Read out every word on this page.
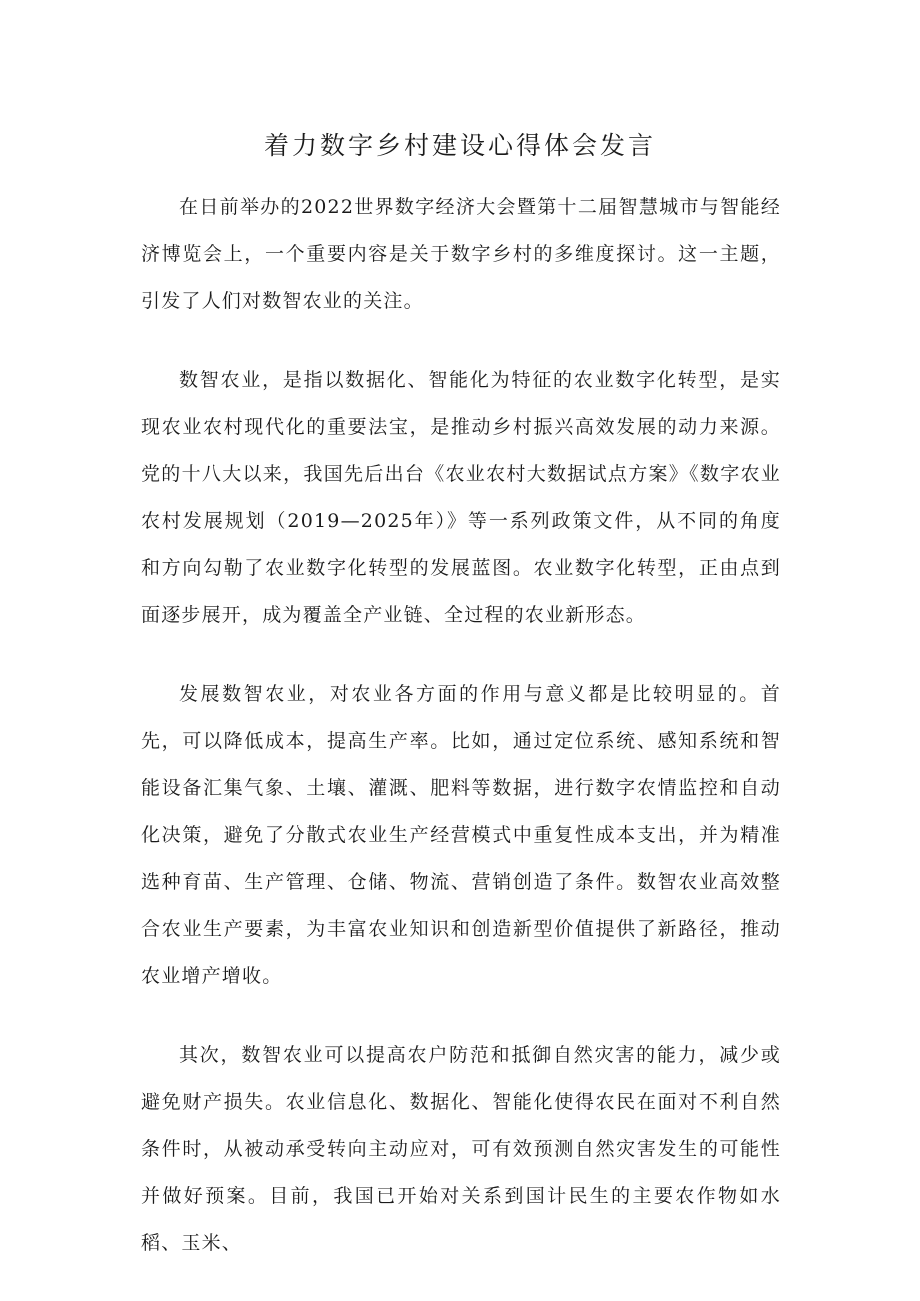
着力数字乡村建设心得体会发言

在日前举办的2022世界数字经济大会暨第十二届智慧城市与智能经济博览会上，一个重要内容是关于数字乡村的多维度探讨。这一主题，引发了人们对数智农业的关注。

数智农业，是指以数据化、智能化为特征的农业数字化转型，是实现农业农村现代化的重要法宝，是推动乡村振兴高效发展的动力来源。党的十八大以来，我国先后出台《农业农村大数据试点方案》《数字农业农村发展规划（2019—2025年）》等一系列政策文件，从不同的角度和方向勾勒了农业数字化转型的发展蓝图。农业数字化转型，正由点到面逐步展开，成为覆盖全产业链、全过程的农业新形态。

发展数智农业，对农业各方面的作用与意义都是比较明显的。首先，可以降低成本，提高生产率。比如，通过定位系统、感知系统和智能设备汇集气象、土壤、灌溉、肥料等数据，进行数字农情监控和自动化决策，避免了分散式农业生产经营模式中重复性成本支出，并为精准选种育苗、生产管理、仓储、物流、营销创造了条件。数智农业高效整合农业生产要素，为丰富农业知识和创造新型价值提供了新路径，推动农业增产增收。

其次，数智农业可以提高农户防范和抵御自然灾害的能力，减少或避免财产损失。农业信息化、数据化、智能化使得农民在面对不利自然条件时，从被动承受转向主动应对，可有效预测自然灾害发生的可能性并做好预案。目前，我国已开始对关系到国计民生的主要农作物如水稻、玉米、
